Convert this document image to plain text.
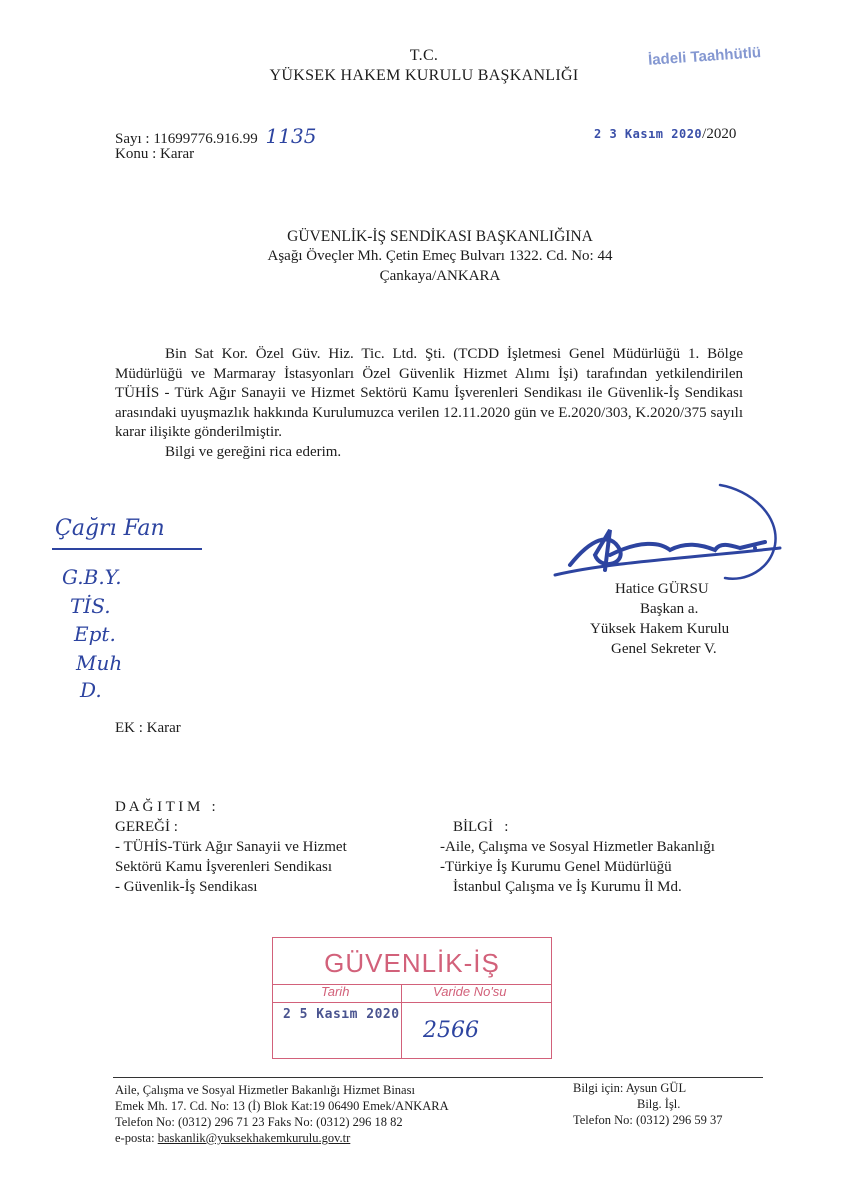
T.C.
YÜKSEK HAKEM KURULU BAŞKANLIĞI
İadeli Taahhütlü
Sayı : 11699776.916.99 1135
Konu : Karar
2 3 Kasım 2020/2020
GÜVENLİK-İŞ SENDİKASI BAŞKANLIĞINA
Aşağı Öveçler Mh. Çetin Emeç Bulvarı 1322. Cd. No: 44
Çankaya/ANKARA

Bin Sat Kor. Özel Güv. Hiz. Tic. Ltd. Şti. (TCDD İşletmesi Genel Müdürlüğü 1. Bölge Müdürlüğü ve Marmaray İstasyonları Özel Güvenlik Hizmet Alımı İşi) tarafından yetkilendirilen TÜHİS - Türk Ağır Sanayii ve Hizmet Sektörü Kamu İşverenleri Sendikası ile Güvenlik-İş Sendikası arasındaki uyuşmazlık hakkında Kurulumuzca verilen 12.11.2020 gün ve E.2020/303, K.2020/375 sayılı karar ilişikte gönderilmiştir.

Bilgi ve gereğini rica ederim.

Çağrı Fan
G.B.Y.
TİS.
Ept.
Muh
D.
Hatice GÜRSU
Başkan a.
Yüksek Hakem Kurulu
Genel Sekreter V.
EK : Karar
D A Ğ I T I M   :
GEREĞİ :
- TÜHİS-Türk Ağır Sanayii ve Hizmet
Sektörü Kamu İşverenleri Sendikası
- Güvenlik-İş Sendikası
BİLGİ   :
-Aile, Çalışma ve Sosyal Hizmetler Bakanlığı
-Türkiye İş Kurumu Genel Müdürlüğü
İstanbul Çalışma ve İş Kurumu İl Md.
GÜVENLİK-İŞ
Tarih	Varide No'su
2 5 Kasım 2020
2566
Aile, Çalışma ve Sosyal Hizmetler Bakanlığı Hizmet Binası
Emek Mh. 17. Cd. No: 13 (İ) Blok Kat:19 06490 Emek/ANKARA
Telefon No: (0312) 296 71 23 Faks No: (0312) 296 18 82
e-posta: baskanlik@yuksekhakemkurulu.gov.tr
Bilgi için: Aysun GÜL
Bilg. İşl.
Telefon No: (0312) 296 59 37
